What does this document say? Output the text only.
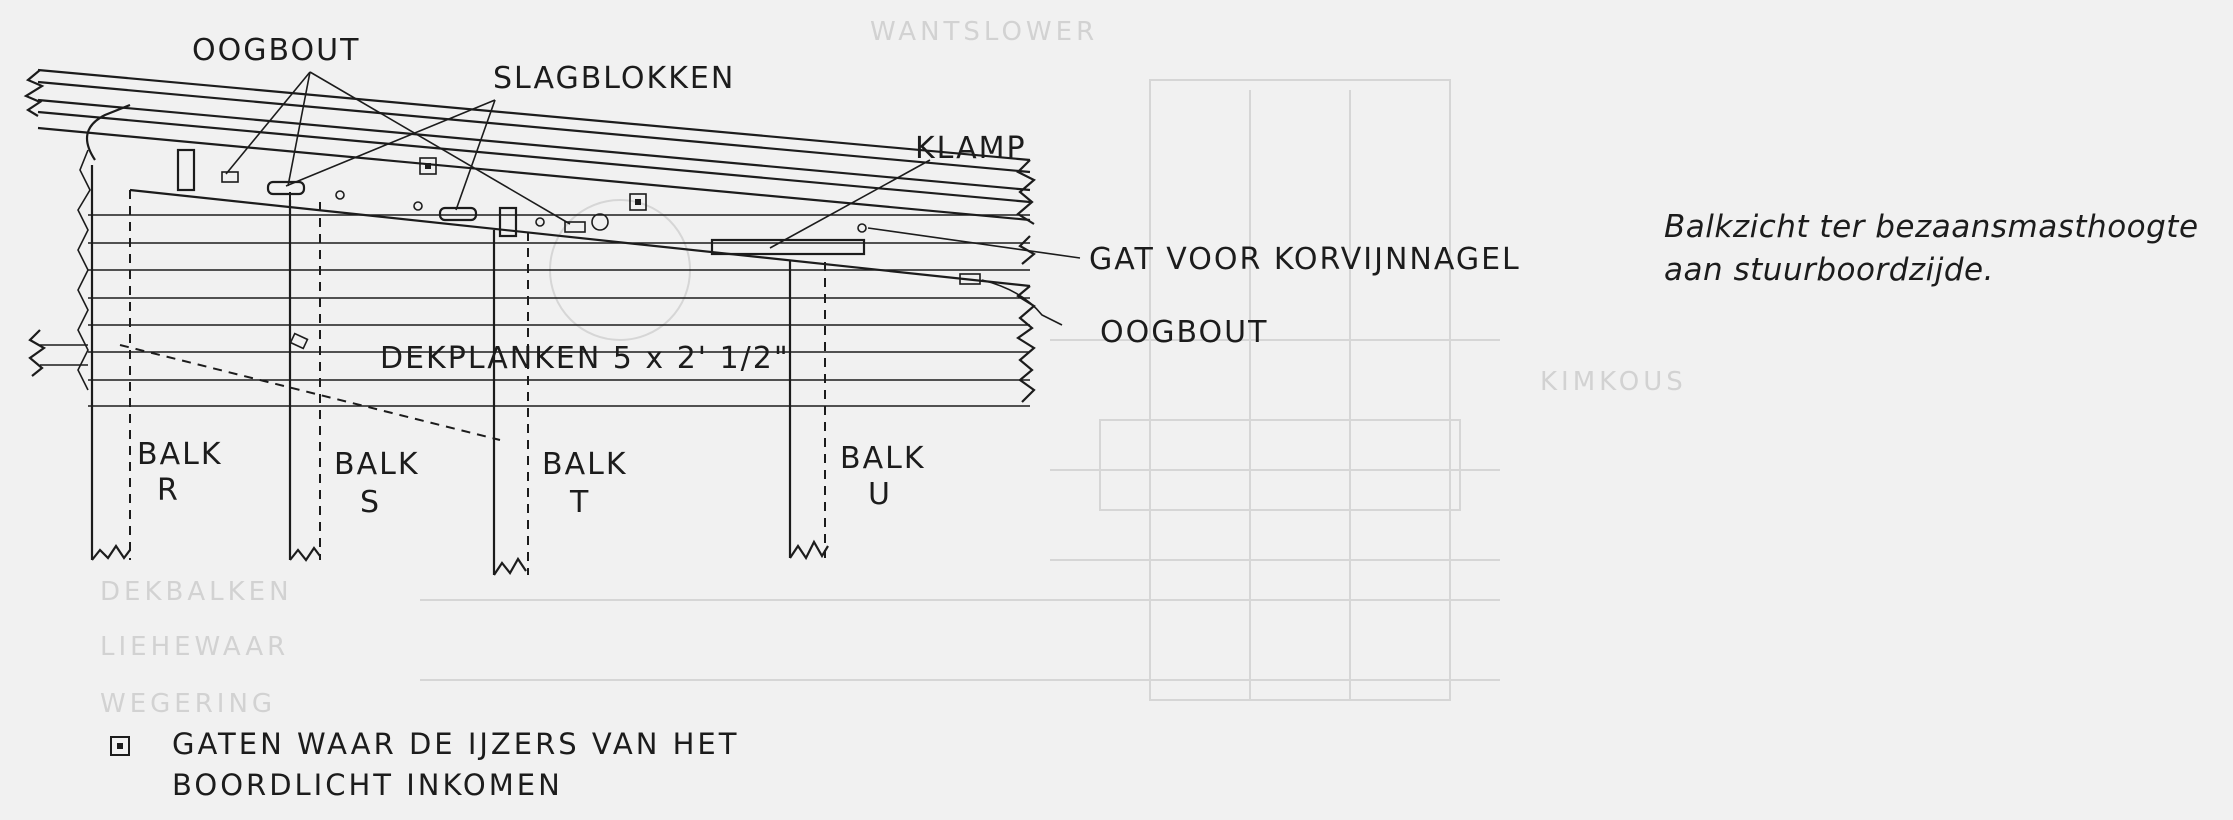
WANTSLOWER
KIMKOUS
DEKBALKEN
LIEHEWAAR
WEGERING
OOGBOUT
SLAGBLOKKEN
KLAMP
GAT VOOR KORVIJNNAGEL
OOGBOUT
DEKPLANKEN 5 x 2' 1/2"
BALK
R
BALK
S
BALK
T
BALK
U
GATEN WAAR DE IJZERS VAN HET
BOORDLICHT INKOMEN
Balkzicht ter bezaansmasthoogte
aan stuurboordzijde.
